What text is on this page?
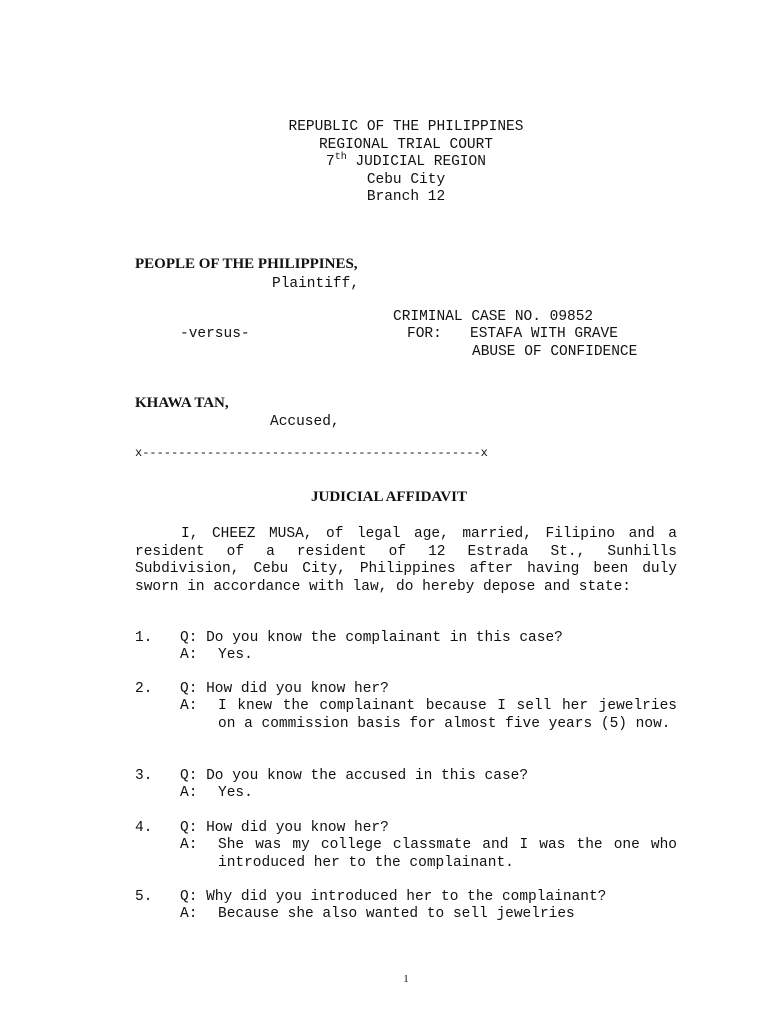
REPUBLIC OF THE PHILIPPINES
REGIONAL TRIAL COURT
7th JUDICIAL REGION
Cebu City
Branch 12
PEOPLE OF THE PHILIPPINES,
Plaintiff,
CRIMINAL CASE NO. 09852
-versus-	FOR: ESTAFA WITH GRAVE
ABUSE OF CONFIDENCE
KHAWA TAN,
Accused,
x-----------------------------------------------x
JUDICIAL AFFIDAVIT
I, CHEEZ MUSA, of legal age, married, Filipino and a resident of a resident of 12 Estrada St., Sunhills Subdivision, Cebu City, Philippines after having been duly sworn in accordance with law, do hereby depose and state:
1. Q: Do you know the complainant in this case?
A: Yes.
2. Q: How did you know her?
A: I knew the complainant because I sell her jewelries on a commission basis for almost five years (5) now.
3. Q: Do you know the accused in this case?
A: Yes.
4. Q: How did you know her?
A: She was my college classmate and I was the one who introduced her to the complainant.
5. Q: Why did you introduced her to the complainant?
A: Because she also wanted to sell jewelries
1
